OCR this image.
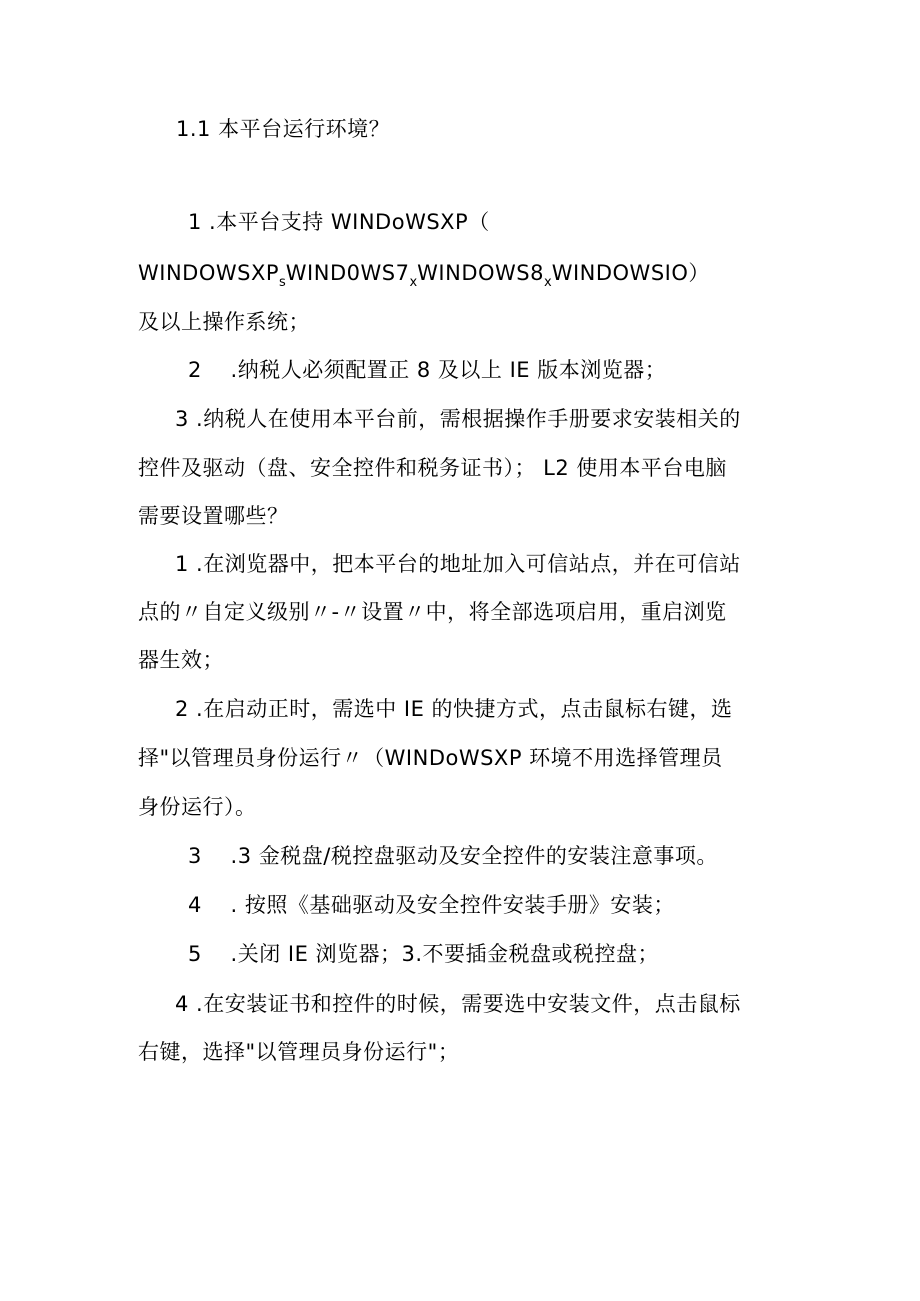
1.1 本平台运行环境？
1 .本平台支持 WINDoWSXP（
$WINDOWSXP_sWIND0WS7_xWINDOWS8_xWINDOWSIO$）
及以上操作系统；
2　 .纳税人必须配置正 8 及以上 IE 版本浏览器；
3 .纳税人在使用本平台前，需根据操作手册要求安装相关的
控件及驱动（盘、安全控件和税务证书）； L2 使用本平台电脑
需要设置哪些？
1 .在浏览器中，把本平台的地址加入可信站点，并在可信站
点的〃自定义级别〃-〃设置〃中，将全部选项启用，重启浏览
器生效；
2 .在启动正时，需选中 IE 的快捷方式，点击鼠标右键，选
择"以管理员身份运行〃（WINDoWSXP 环境不用选择管理员
身份运行）。
3　 .3 金税盘/税控盘驱动及安全控件的安装注意事项。
4　 . 按照《基础驱动及安全控件安装手册》安装；
5　 .关闭 IE 浏览器；3.不要插金税盘或税控盘；
4 .在安装证书和控件的时候，需要选中安装文件，点击鼠标
右键，选择"以管理员身份运行"；
